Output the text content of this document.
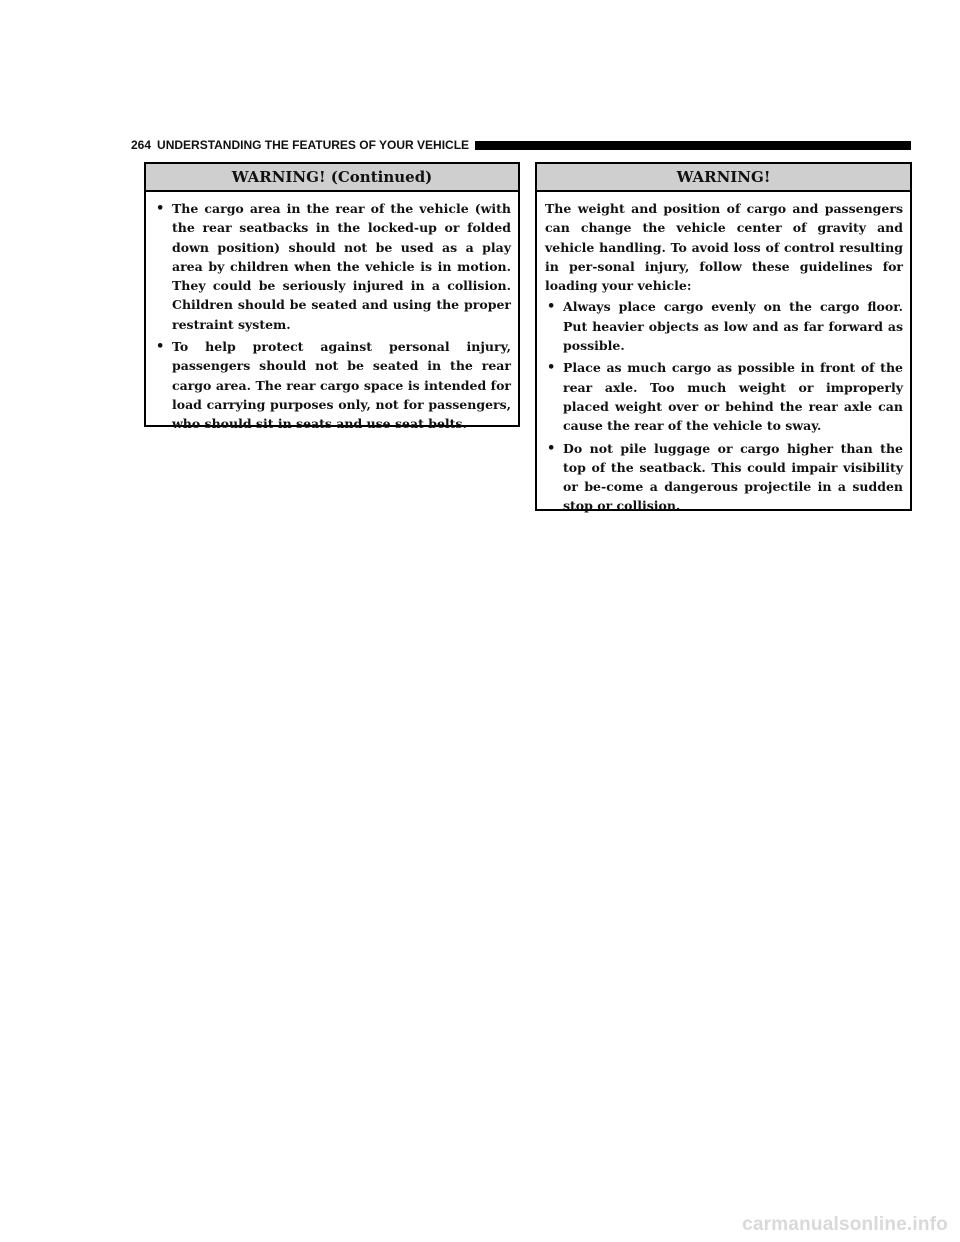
264 UNDERSTANDING THE FEATURES OF YOUR VEHICLE
WARNING! (Continued)
• The cargo area in the rear of the vehicle (with the rear seatbacks in the locked-up or folded down position) should not be used as a play area by children when the vehicle is in motion. They could be seriously injured in a collision. Children should be seated and using the proper restraint system.
• To help protect against personal injury, passengers should not be seated in the rear cargo area. The rear cargo space is intended for load carrying purposes only, not for passengers, who should sit in seats and use seat belts.
WARNING!

The weight and position of cargo and passengers can change the vehicle center of gravity and vehicle handling. To avoid loss of control resulting in per-sonal injury, follow these guidelines for loading your vehicle:

• Always place cargo evenly on the cargo floor. Put heavier objects as low and as far forward as possible.
• Place as much cargo as possible in front of the rear axle. Too much weight or improperly placed weight over or behind the rear axle can cause the rear of the vehicle to sway.
• Do not pile luggage or cargo higher than the top of the seatback. This could impair visibility or be-come a dangerous projectile in a sudden stop or collision.
carmanualsonline.info
